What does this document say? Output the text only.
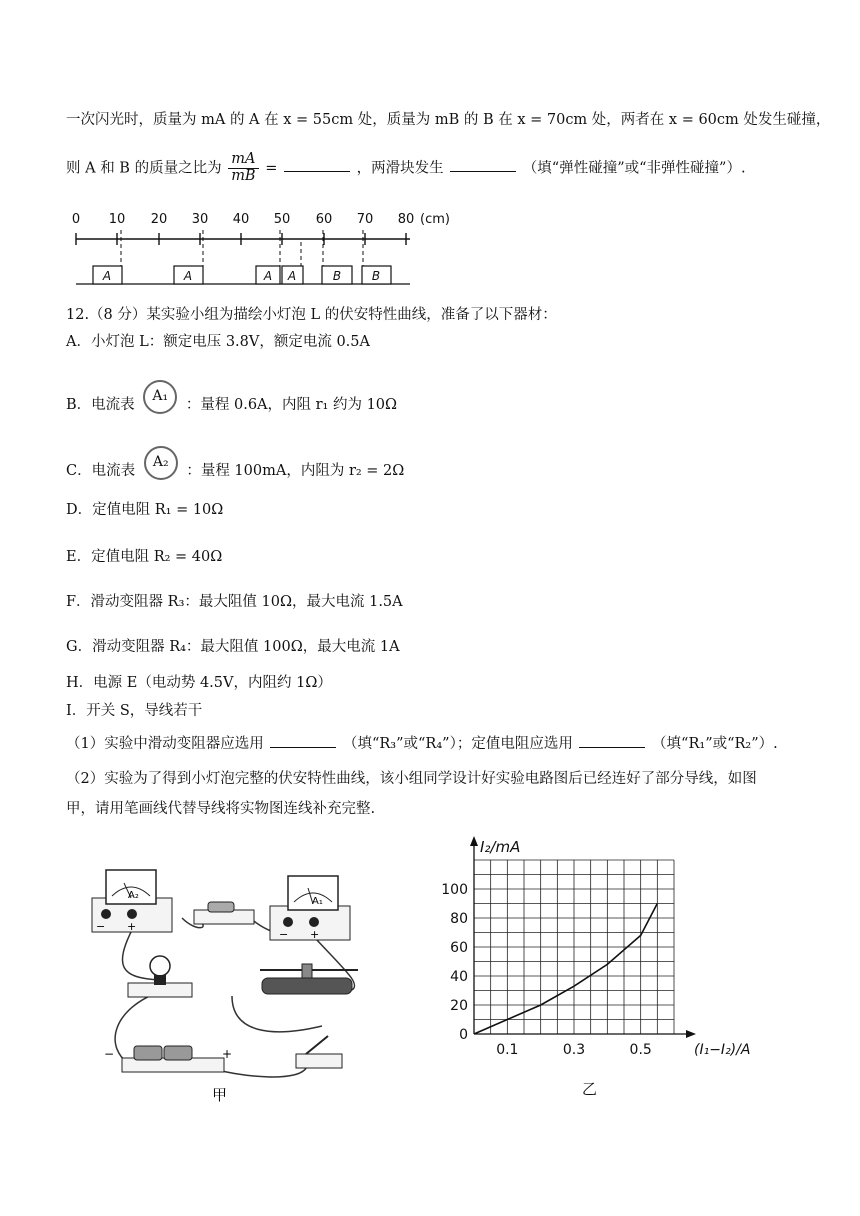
一次闪光时，质量为 mA 的 A 在 x = 55cm 处，质量为 mB 的 B 在 x = 70cm 处，两者在 x = 60cm 处发生碰撞，
则 A 和 B 的质量之比为 $\frac{mA}{mB}$ =	，两滑块发生	（填“弹性碰撞”或“非弹性碰撞”）.
0 10 20 30 40 50 60 70 80 (cm)
A	A	A A	B	B
12.（8 分）某实验小组为描绘小灯泡 L 的伏安特性曲线，准备了以下器材：
A．小灯泡 L：额定电压 3.8V，额定电流 0.5A
B．电流表 A₁ ：量程 0.6A，内阻 r₁ 约为 10Ω
C．电流表 A₂ ：量程 100mA，内阻为 r₂ = 2Ω
D．定值电阻 R₁ = 10Ω
E．定值电阻 R₂ = 40Ω
F．滑动变阻器 R₃：最大阻值 10Ω，最大电流 1.5A
G．滑动变阻器 R₄：最大阻值 100Ω，最大电流 1A
H．电源 E（电动势 4.5V，内阻约 1Ω）
I．开关 S，导线若干
（1）实验中滑动变阻器应选用	（填“R₃”或“R₄”）；定值电阻应选用	（填“R₁”或“R₂”）.
（2）实验为了得到小灯泡完整的伏安特性曲线，该小组同学设计好实验电路图后已经连好了部分导线，如图
甲，请用笔画线代替导线将实物图连线补充完整.
A₂
− +
A₁
− +
−	+
甲
0
20
40
60
80
100
0.1	0.3	0.5
I₂/mA
(I₁−I₂)/A
乙
